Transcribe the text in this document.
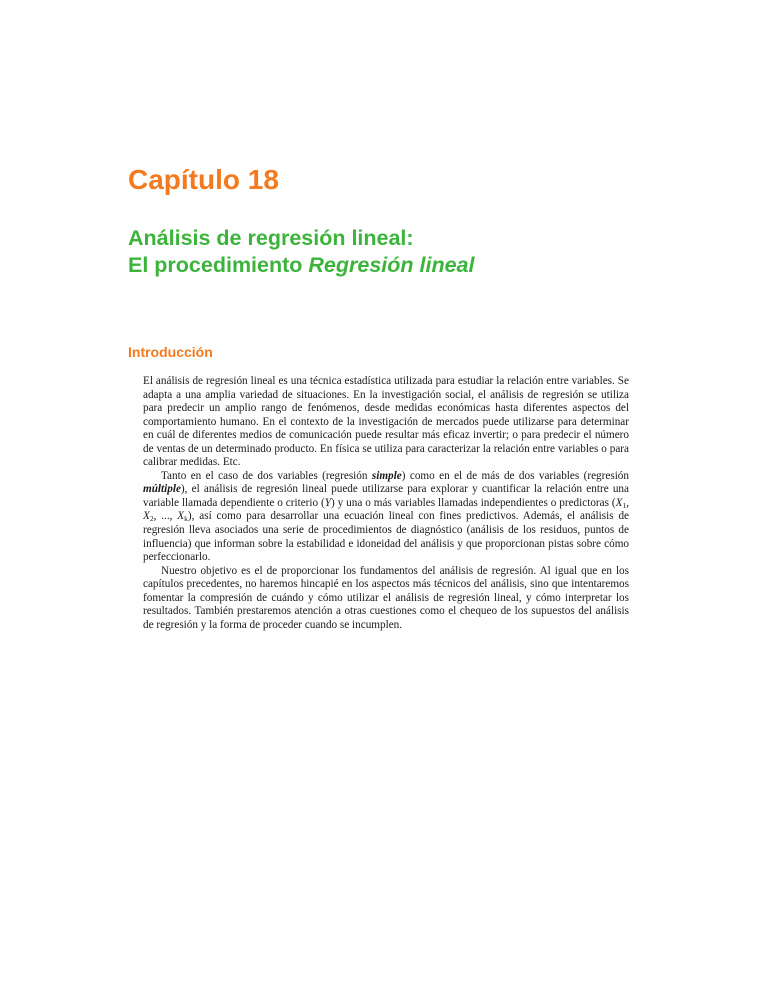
Capítulo 18
Análisis de regresión lineal:
El procedimiento Regresión lineal
Introducción

El análisis de regresión lineal es una técnica estadística utilizada para estudiar la relación entre variables. Se adapta a una amplia variedad de situaciones. En la investigación social, el análisis de regresión se utiliza para predecir un amplio rango de fenómenos, desde medidas económicas hasta diferentes aspectos del comportamiento humano. En el contexto de la investigación de mercados puede utilizarse para determinar en cuál de diferentes medios de comunicación puede resultar más eficaz invertir; o para predecir el número de ventas de un determinado producto. En física se utiliza para caracterizar la relación entre variables o para calibrar medidas. Etc.

Tanto en el caso de dos variables (regresión simple) como en el de más de dos variables (regresión múltiple), el análisis de regresión lineal puede utilizarse para explorar y cuantificar la relación entre una variable llamada dependiente o criterio (Y) y una o más variables llamadas independientes o predictoras ($X_1$, $X_2$, ..., $X_k$), así como para desarrollar una ecuación lineal con fines predictivos. Además, el análisis de regresión lleva asociados una serie de procedimientos de diagnóstico (análisis de los residuos, puntos de influencia) que informan sobre la estabilidad e idoneidad del análisis y que proporcionan pistas sobre cómo perfeccionarlo.

Nuestro objetivo es el de proporcionar los fundamentos del análisis de regresión. Al igual que en los capítulos precedentes, no haremos hincapié en los aspectos más técnicos del análisis, sino que intentaremos fomentar la compresión de cuándo y cómo utilizar el análisis de regresión lineal, y cómo interpretar los resultados. También prestaremos atención a otras cuestiones como el chequeo de los supuestos del análisis de regresión y la forma de proceder cuando se incumplen.
